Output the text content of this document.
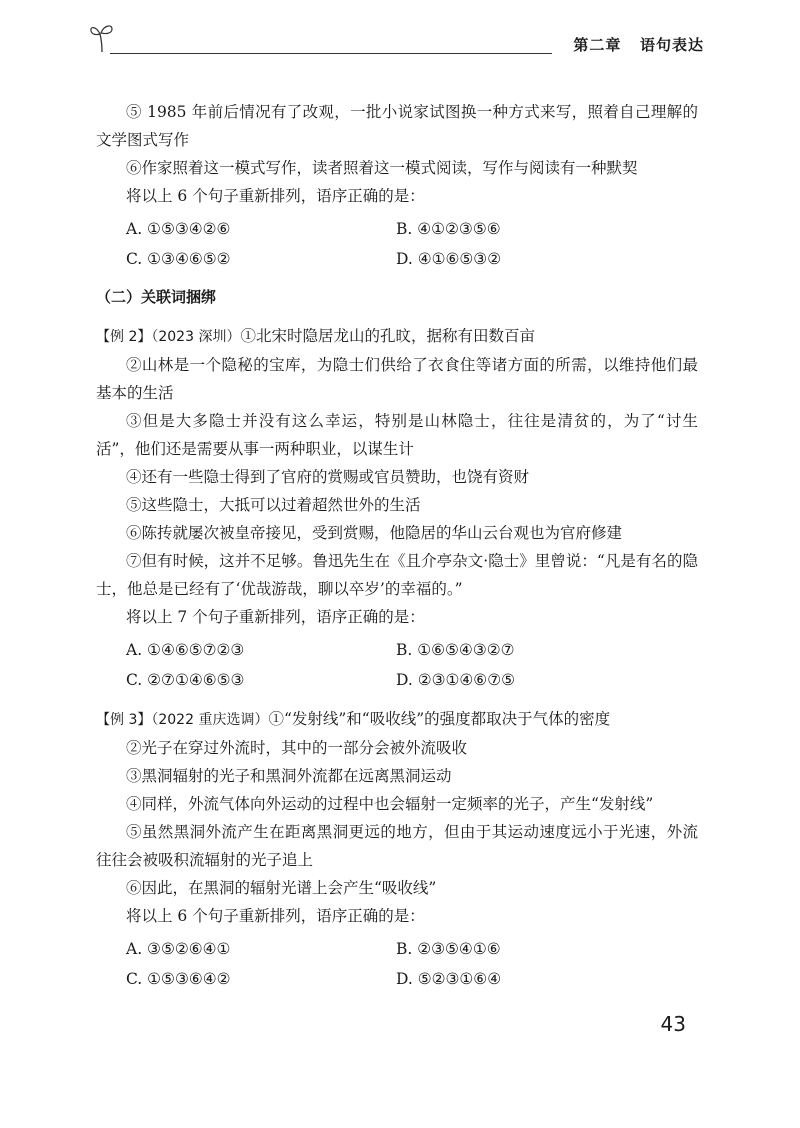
第二章   语句表达

⑤ 1985 年前后情况有了改观，一批小说家试图换一种方式来写，照着自己理解的文学图式写作

⑥作家照着这一模式写作，读者照着这一模式阅读，写作与阅读有一种默契

将以上 6 个句子重新排列，语序正确的是：

A. ①⑤③④②⑥	B. ④①②③⑤⑥
C. ①③④⑥⑤②	D. ④①⑥⑤③②

（二）关联词捆绑

【例 2】（2023 深圳）①北宋时隐居龙山的孔旼，据称有田数百亩

②山林是一个隐秘的宝库，为隐士们供给了衣食住等诸方面的所需，以维持他们最基本的生活

③但是大多隐士并没有这么幸运，特别是山林隐士，往往是清贫的，为了“讨生活”，他们还是需要从事一两种职业，以谋生计

④还有一些隐士得到了官府的赏赐或官员赞助，也饶有资财

⑤这些隐士，大抵可以过着超然世外的生活

⑥陈抟就屡次被皇帝接见，受到赏赐，他隐居的华山云台观也为官府修建

⑦但有时候，这并不足够。鲁迅先生在《且介亭杂文·隐士》里曾说：“凡是有名的隐士，他总是已经有了‘优哉游哉，聊以卒岁’的幸福的。”

将以上 7 个句子重新排列，语序正确的是：

A. ①④⑥⑤⑦②③	B. ①⑥⑤④③②⑦
C. ②⑦①④⑥⑤③	D. ②③①④⑥⑦⑤

【例 3】（2022 重庆选调）①“发射线”和“吸收线”的强度都取决于气体的密度

②光子在穿过外流时，其中的一部分会被外流吸收

③黑洞辐射的光子和黑洞外流都在远离黑洞运动

④同样，外流气体向外运动的过程中也会辐射一定频率的光子，产生“发射线”

⑤虽然黑洞外流产生在距离黑洞更远的地方，但由于其运动速度远小于光速，外流往往会被吸积流辐射的光子追上

⑥因此，在黑洞的辐射光谱上会产生“吸收线”

将以上 6 个句子重新排列，语序正确的是：

A. ③⑤②⑥④①	B. ②③⑤④①⑥
C. ①⑤③⑥④②	D. ⑤②③①⑥④
43
